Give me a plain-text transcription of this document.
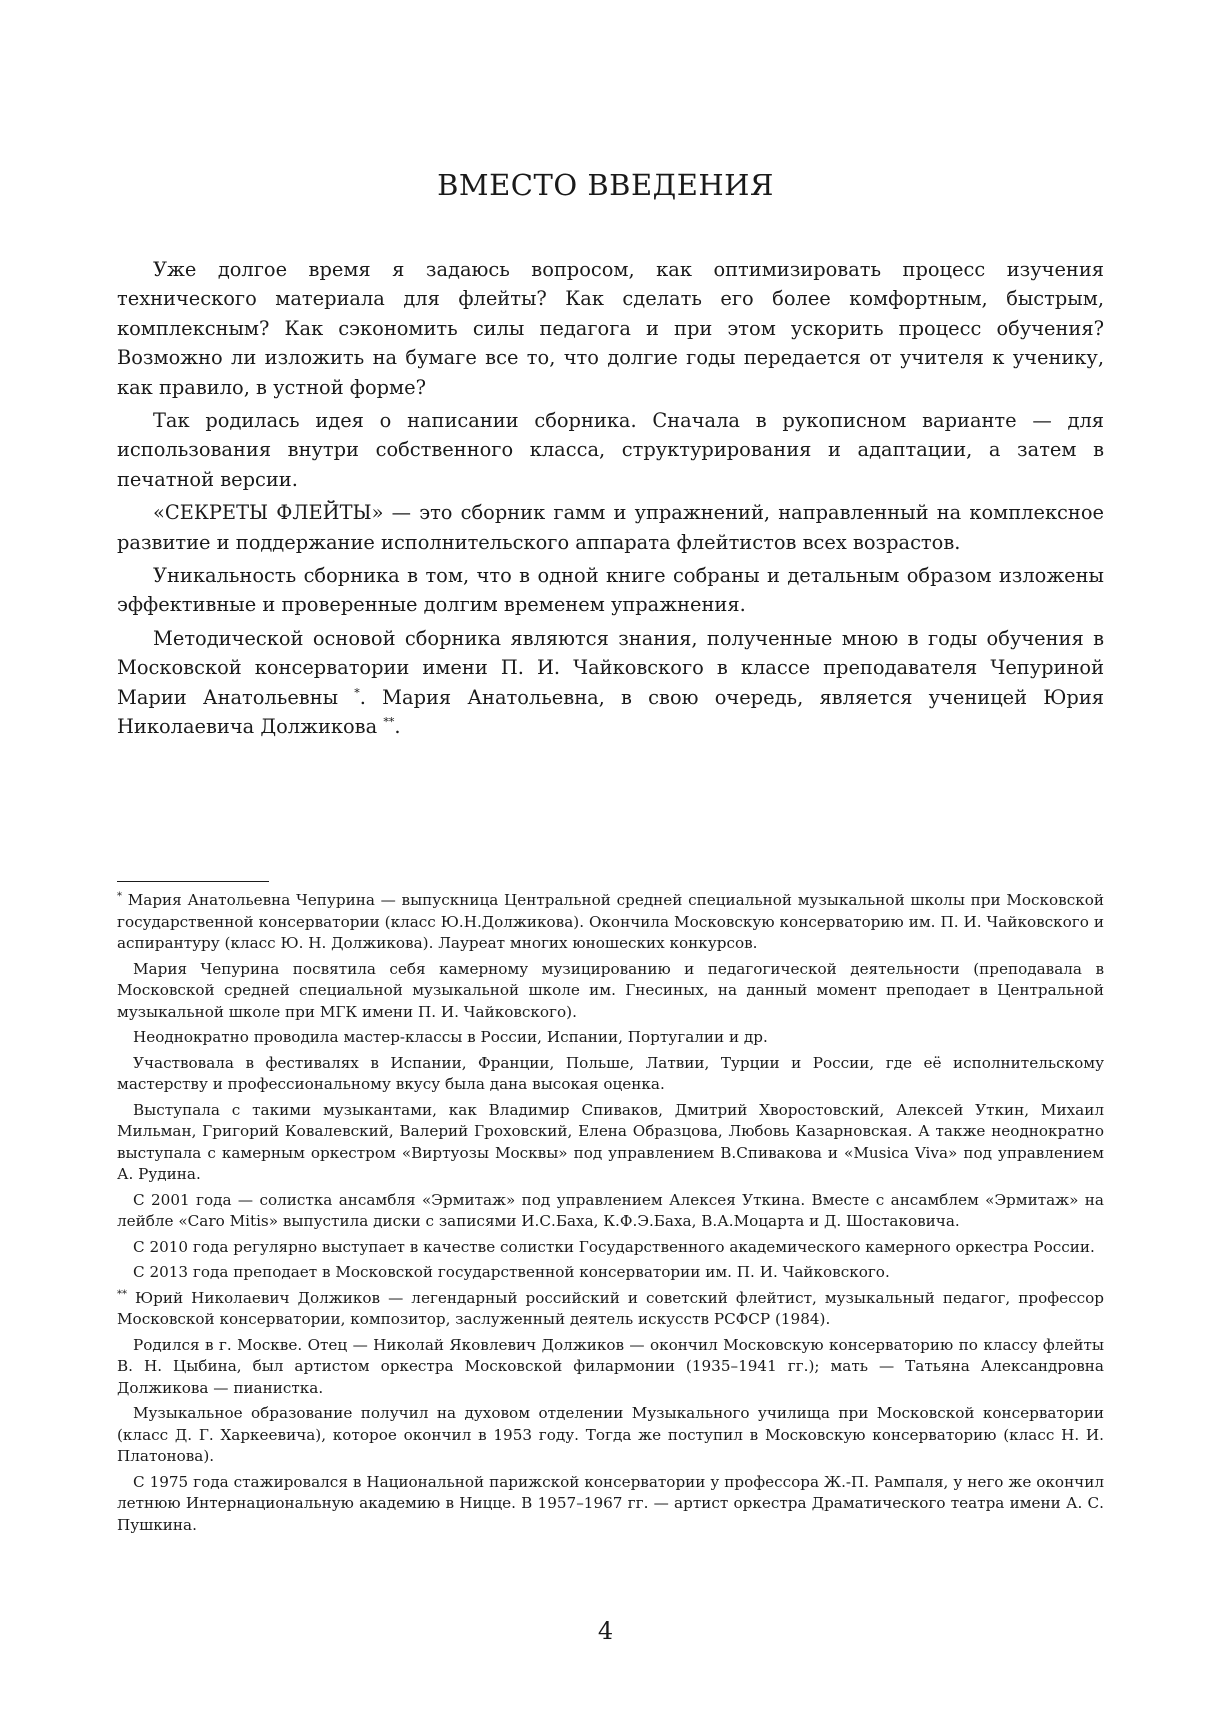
ВМЕСТО ВВЕДЕНИЯ

Уже долгое время я задаюсь вопросом, как оптимизировать процесс изучения технического материала для флейты? Как сделать его более комфортным, быстрым, комплексным? Как сэкономить силы педагога и при этом ускорить процесс обучения? Возможно ли изложить на бумаге все то, что долгие годы передается от учителя к ученику, как правило, в устной форме?

Так родилась идея о написании сборника. Сначала в рукописном варианте — для использования внутри собственного класса, структурирования и адаптации, а затем в печатной версии.

«СЕКРЕТЫ ФЛЕЙТЫ» — это сборник гамм и упражнений, направленный на комплексное развитие и поддержание исполнительского аппарата флейтистов всех возрастов.

Уникальность сборника в том, что в одной книге собраны и детальным образом изложены эффективные и проверенные долгим временем упражнения.

Методической основой сборника являются знания, полученные мною в годы обучения в Московской консерватории имени П. И. Чайковского в классе преподавателя Чепуриной Марии Анатольевны *. Мария Анатольевна, в свою очередь, является ученицей Юрия Николаевича Должикова **.

* Мария Анатольевна Чепурина — выпускница Центральной средней специальной музыкальной школы при Московской государственной консерватории (класс Ю.Н.Должикова). Окончила Московскую консерваторию им. П. И. Чайковского и аспирантуру (класс Ю. Н. Должикова). Лауреат многих юношеских конкурсов.

Мария Чепурина посвятила себя камерному музицированию и педагогической деятельности (преподавала в Московской средней специальной музыкальной школе им. Гнесиных, на данный момент преподает в Центральной музыкальной школе при МГК имени П. И. Чайковского).

Неоднократно проводила мастер-классы в России, Испании, Португалии и др.

Участвовала в фестивалях в Испании, Франции, Польше, Латвии, Турции и России, где её исполнительскому мастерству и профессиональному вкусу была дана высокая оценка.

Выступала с такими музыкантами, как Владимир Спиваков, Дмитрий Хворостовский, Алексей Уткин, Михаил Мильман, Григорий Ковалевский, Валерий Гроховский, Елена Образцова, Любовь Казарновская. А также неоднократно выступала с камерным оркестром «Виртуозы Москвы» под управлением В.Спивакова и «Musica Viva» под управлением А. Рудина.

С 2001 года — солистка ансамбля «Эрмитаж» под управлением Алексея Уткина. Вместе с ансамблем «Эрмитаж» на лейбле «Caro Mitis» выпустила диски с записями И.С.Баха, К.Ф.Э.Баха, В.А.Моцарта и Д. Шостаковича.

С 2010 года регулярно выступает в качестве солистки Государственного академического камерного оркестра России.

С 2013 года преподает в Московской государственной консерватории им. П. И. Чайковского.

** Юрий Николаевич Должиков — легендарный российский и советский флейтист, музыкальный педагог, профессор Московской консерватории, композитор, заслуженный деятель искусств РСФСР (1984).

Родился в г. Москве. Отец — Николай Яковлевич Должиков — окончил Московскую консерваторию по классу флейты В. Н. Цыбина, был артистом оркестра Московской филармонии (1935–1941 гг.); мать — Татьяна Александровна Должикова — пианистка.

Музыкальное образование получил на духовом отделении Музыкального училища при Московской консерватории (класс Д. Г. Харкеевича), которое окончил в 1953 году. Тогда же поступил в Московскую консерваторию (класс Н. И. Платонова).

С 1975 года стажировался в Национальной парижской консерватории у профессора Ж.-П. Рампаля, у него же окончил летнюю Интернациональную академию в Ницце. В 1957–1967 гг. — артист оркестра Драматического театра имени А. С. Пушкина.

4
